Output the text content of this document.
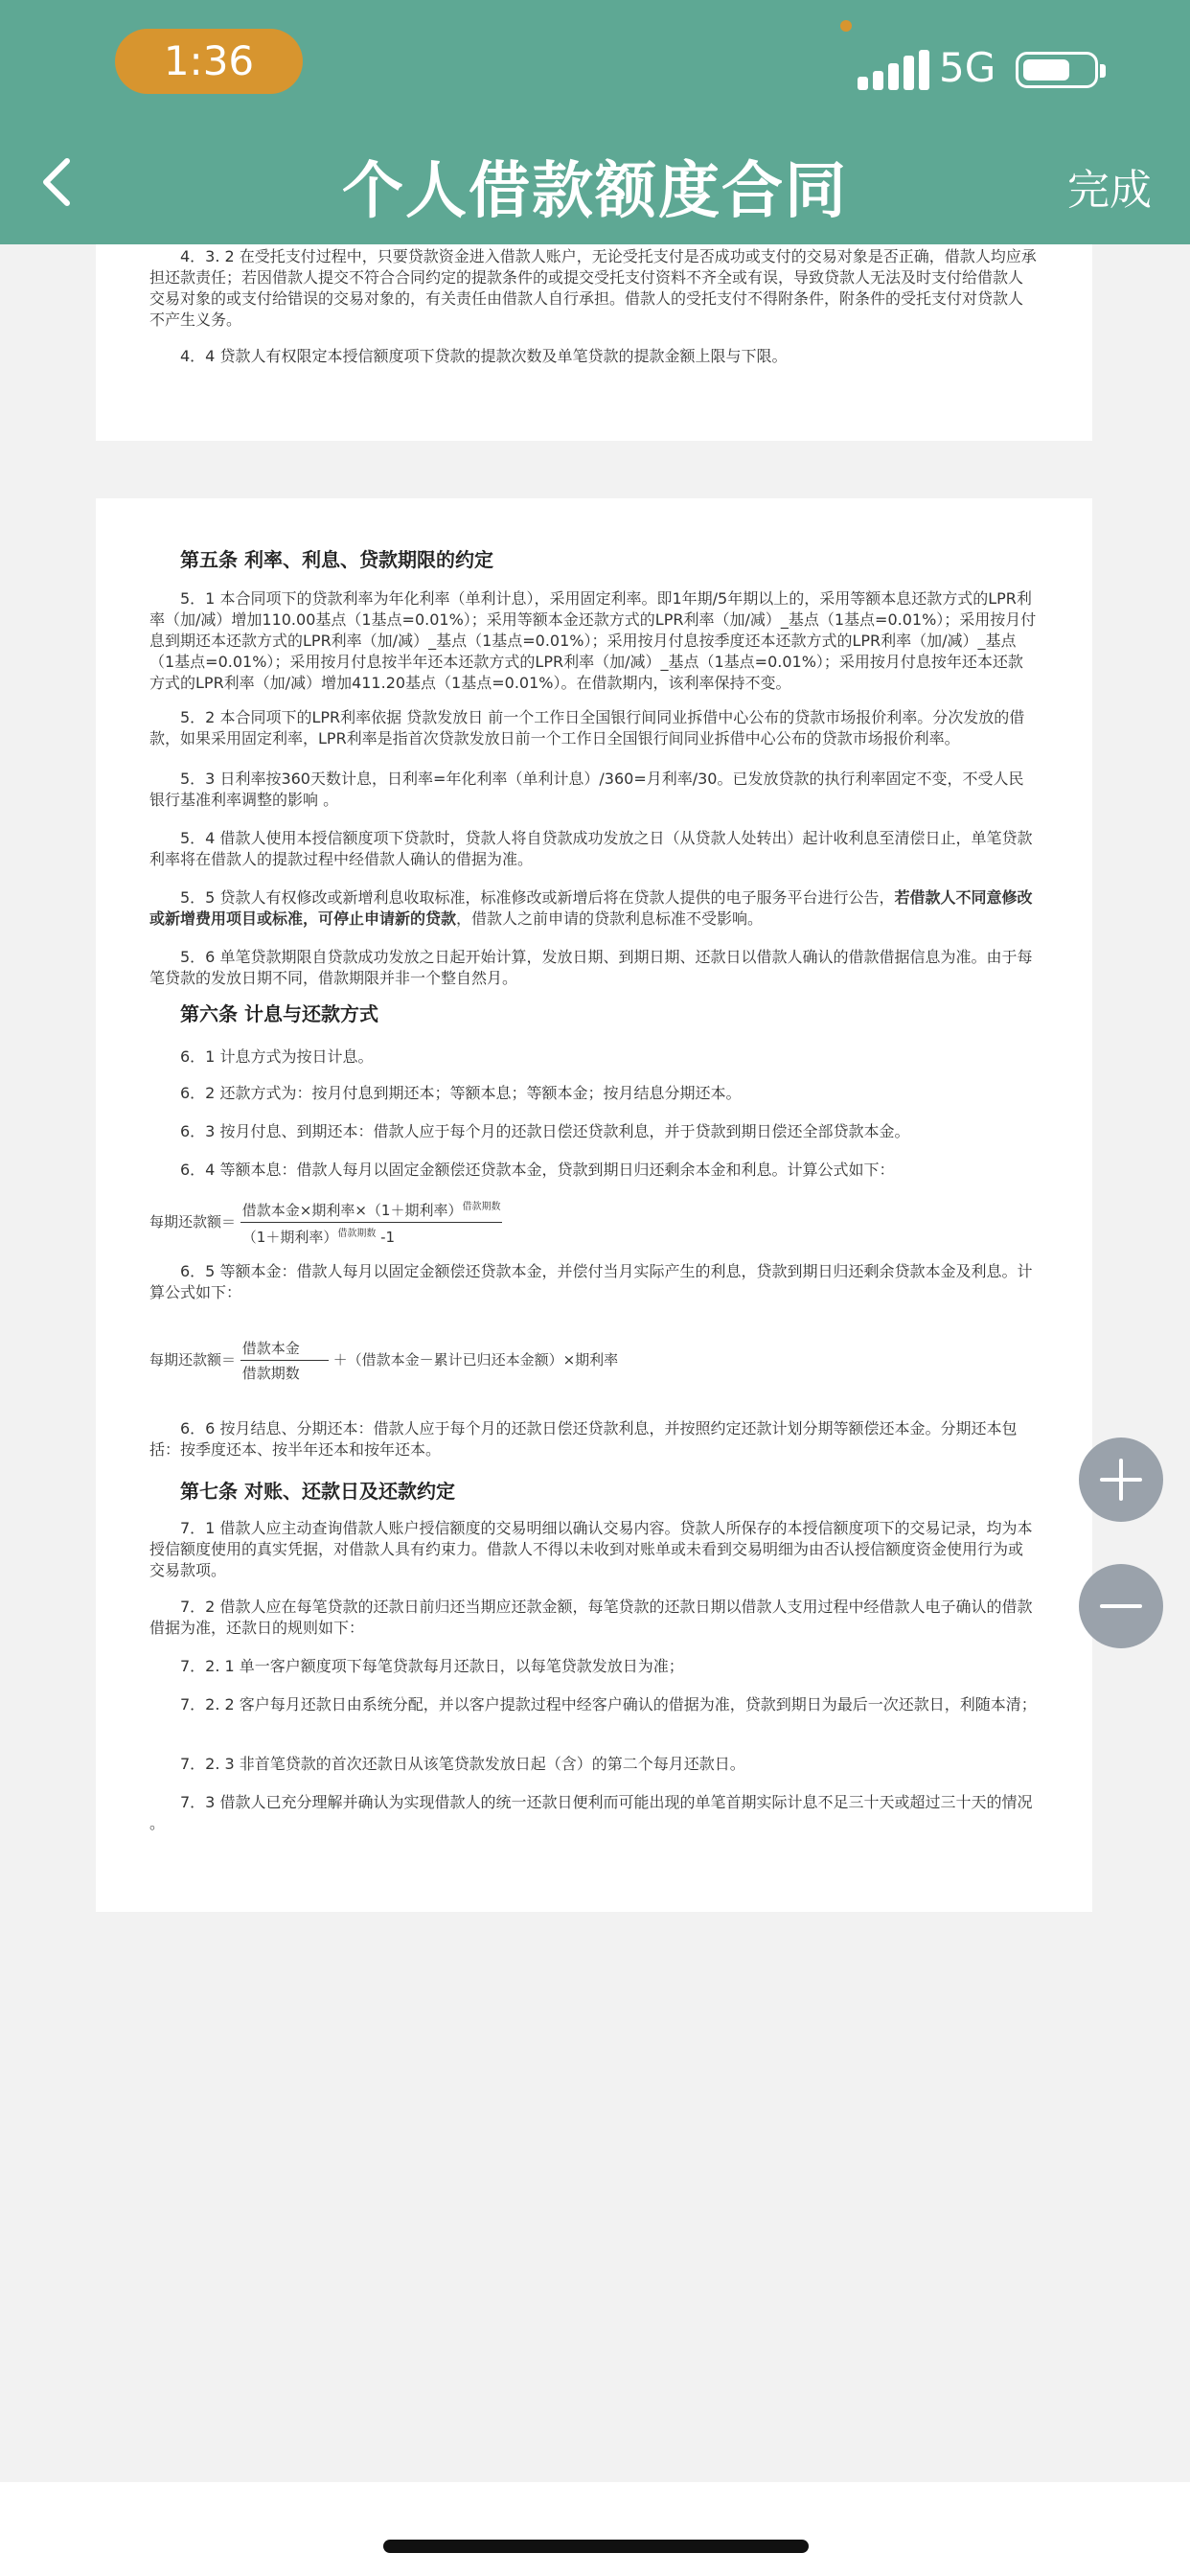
1:36	5G
个人借款额度合同	完成

4．3. 2 在受托支付过程中，只要贷款资金进入借款人账户，无论受托支付是否成功或支付的交易对象是否正确，借款人均应承担还款责任；若因借款人提交不符合合同约定的提款条件的或提交受托支付资料不齐全或有误，导致贷款人无法及时支付给借款人交易对象的或支付给错误的交易对象的，有关责任由借款人自行承担。借款人的受托支付不得附条件，附条件的受托支付对贷款人不产生义务。

4．4 贷款人有权限定本授信额度项下贷款的提款次数及单笔贷款的提款金额上限与下限。

第五条 利率、利息、贷款期限的约定

5．1 本合同项下的贷款利率为年化利率（单利计息），采用固定利率。即1年期/5年期以上的，采用等额本息还款方式的LPR利率（加/减）增加110.00基点（1基点=0.01%）；采用等额本金还款方式的LPR利率（加/减）_基点（1基点=0.01%）；采用按月付息到期还本还款方式的LPR利率（加/减）_基点（1基点=0.01%）；采用按月付息按季度还本还款方式的LPR利率（加/减）_基点（1基点=0.01%）；采用按月付息按半年还本还款方式的LPR利率（加/减）_基点（1基点=0.01%）；采用按月付息按年还本还款方式的LPR利率（加/减）增加411.20基点（1基点=0.01%）。在借款期内，该利率保持不变。

5．2 本合同项下的LPR利率依据 贷款发放日 前一个工作日全国银行间同业拆借中心公布的贷款市场报价利率。分次发放的借款，如果采用固定利率，LPR利率是指首次贷款发放日前一个工作日全国银行间同业拆借中心公布的贷款市场报价利率。

5．3 日利率按360天数计息，日利率=年化利率（单利计息）/360=月利率/30。已发放贷款的执行利率固定不变，不受人民银行基准利率调整的影响 。

5．4 借款人使用本授信额度项下贷款时，贷款人将自贷款成功发放之日（从贷款人处转出）起计收利息至清偿日止，单笔贷款利率将在借款人的提款过程中经借款人确认的借据为准。

5．5 贷款人有权修改或新增利息收取标准，标准修改或新增后将在贷款人提供的电子服务平台进行公告，若借款人不同意修改或新增费用项目或标准，可停止申请新的贷款，借款人之前申请的贷款利息标准不受影响。

5．6 单笔贷款期限自贷款成功发放之日起开始计算，发放日期、到期日期、还款日以借款人确认的借款借据信息为准。由于每笔贷款的发放日期不同，借款期限并非一个整自然月。

第六条 计息与还款方式

6．1 计息方式为按日计息。

6．2 还款方式为：按月付息到期还本；等额本息；等额本金；按月结息分期还本。

6．3 按月付息、到期还本：借款人应于每个月的还款日偿还贷款利息，并于贷款到期日偿还全部贷款本金。

6．4 等额本息：借款人每月以固定金额偿还贷款本金，贷款到期日归还剩余本金和利息。计算公式如下：

每期还款额＝ $\frac{借款本金\times 期利率\times(1+期利率)^{借款期数}}{(1+期利率)^{借款期数} -1}$

6．5 等额本金：借款人每月以固定金额偿还贷款本金，并偿付当月实际产生的利息，贷款到期日归还剩余贷款本金及利息。计算公式如下：

每期还款额＝ $\frac{\text{借款本金}}{\text{借款期数}}$ ＋（借款本金－累计已归还本金额）×期利率

6．6 按月结息、分期还本：借款人应于每个月的还款日偿还贷款利息，并按照约定还款计划分期等额偿还本金。分期还本包括：按季度还本、按半年还本和按年还本。

第七条 对账、还款日及还款约定

7．1 借款人应主动查询借款人账户授信额度的交易明细以确认交易内容。贷款人所保存的本授信额度项下的交易记录，均为本授信额度使用的真实凭据，对借款人具有约束力。借款人不得以未收到对账单或未看到交易明细为由否认授信额度资金使用行为或交易款项。

7．2 借款人应在每笔贷款的还款日前归还当期应还款金额，每笔贷款的还款日期以借款人支用过程中经借款人电子确认的借款借据为准，还款日的规则如下：

7．2. 1 单一客户额度项下每笔贷款每月还款日，以每笔贷款发放日为准；

7．2. 2 客户每月还款日由系统分配，并以客户提款过程中经客户确认的借据为准，贷款到期日为最后一次还款日，利随本清；

7．2. 3 非首笔贷款的首次还款日从该笔贷款发放日起（含）的第二个每月还款日。

7．3 借款人已充分理解并确认为实现借款人的统一还款日便利而可能出现的单笔首期实际计息不足三十天或超过三十天的情况 。
